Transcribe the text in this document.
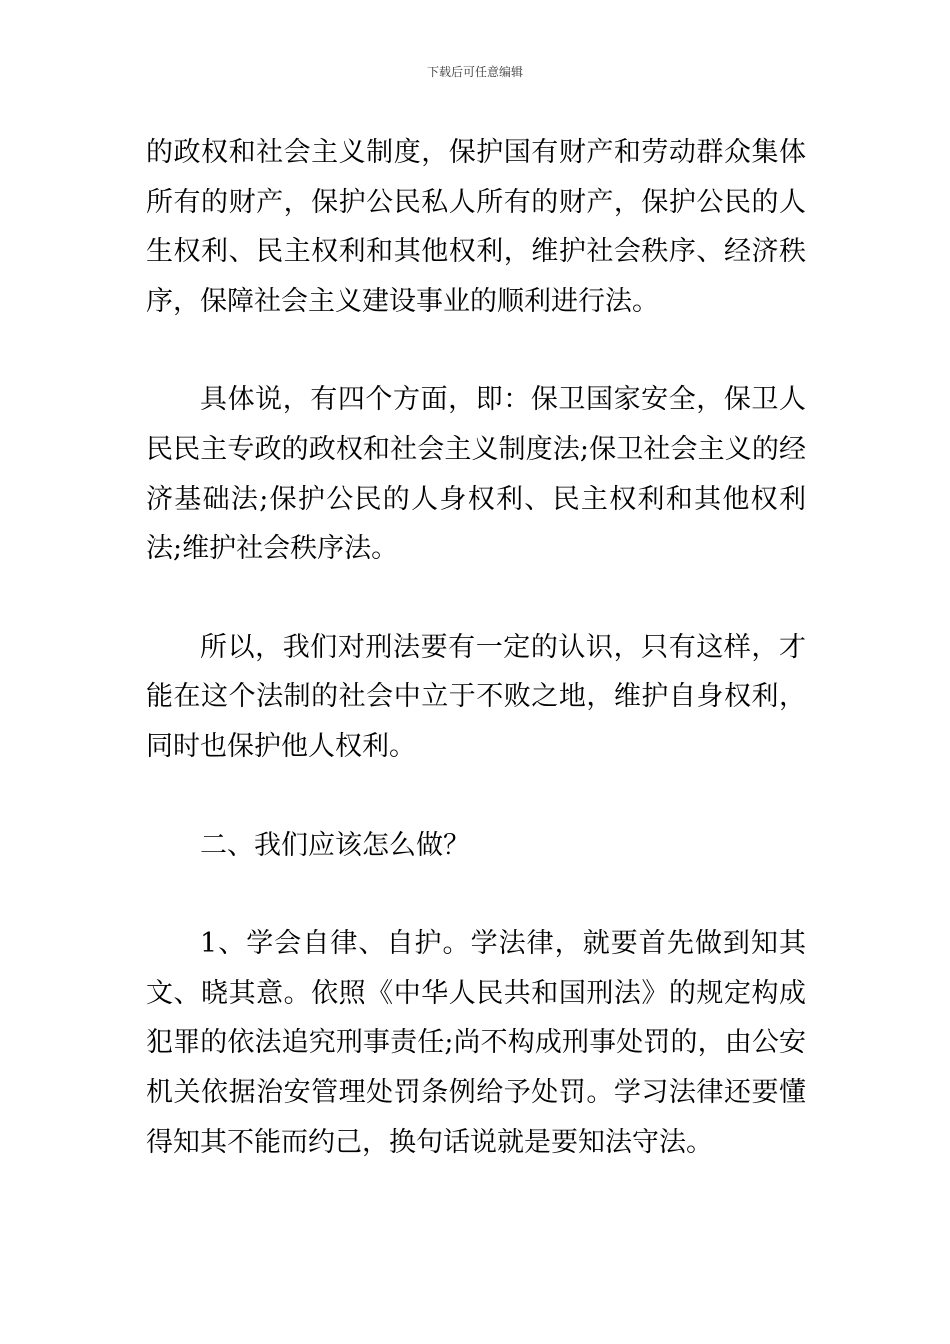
下载后可任意编辑

的政权和社会主义制度，保护国有财产和劳动群众集体所有的财产，保护公民私人所有的财产，保护公民的人生权利、民主权利和其他权利，维护社会秩序、经济秩序，保障社会主义建设事业的顺利进行法。

具体说，有四个方面，即：保卫国家安全，保卫人民民主专政的政权和社会主义制度法;保卫社会主义的经济基础法;保护公民的人身权利、民主权利和其他权利法;维护社会秩序法。

所以，我们对刑法要有一定的认识，只有这样，才能在这个法制的社会中立于不败之地，维护自身权利，同时也保护他人权利。

二、我们应该怎么做？

1、学会自律、自护。学法律，就要首先做到知其文、晓其意。依照《中华人民共和国刑法》的规定构成犯罪的依法追究刑事责任;尚不构成刑事处罚的，由公安机关依据治安管理处罚条例给予处罚。学习法律还要懂得知其不能而约己，换句话说就是要知法守法。
